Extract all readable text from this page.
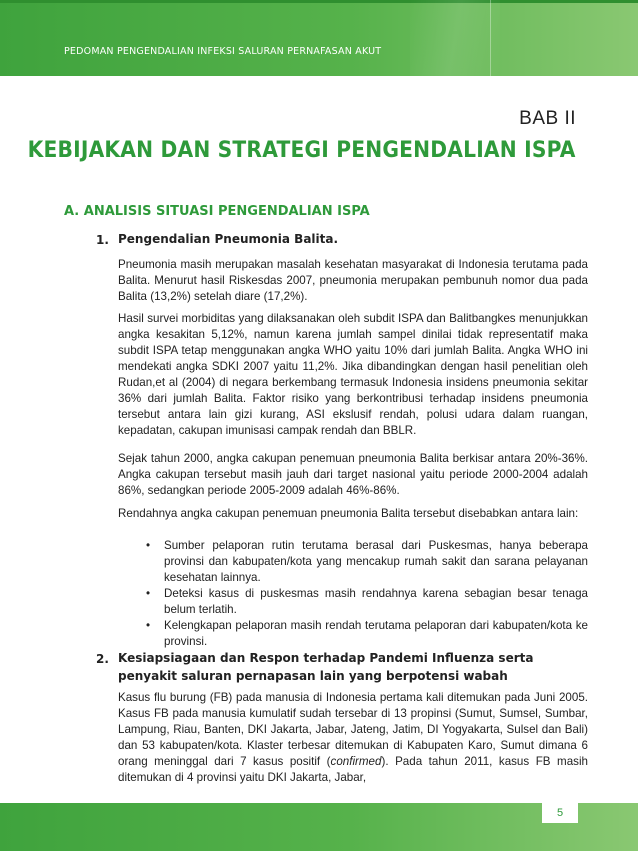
PEDOMAN PENGENDALIAN INFEKSI SALURAN PERNAFASAN AKUT
BAB II
KEBIJAKAN DAN STRATEGI PENGENDALIAN ISPA
A. ANALISIS SITUASI PENGENDALIAN ISPA
1. Pengendalian Pneumonia Balita.

Pneumonia masih merupakan masalah kesehatan masyarakat di Indonesia terutama pada Balita. Menurut hasil Riskesdas 2007, pneumonia merupakan pembunuh nomor dua pada Balita (13,2%) setelah diare (17,2%).

Hasil survei morbiditas yang dilaksanakan oleh subdit ISPA dan Balitbangkes menunjukkan angka kesakitan 5,12%, namun karena jumlah sampel dinilai tidak representatif maka subdit ISPA tetap menggunakan angka WHO yaitu 10% dari jumlah Balita. Angka WHO ini mendekati angka SDKI 2007 yaitu 11,2%. Jika dibandingkan dengan hasil penelitian oleh Rudan,et al (2004) di negara berkembang termasuk Indonesia insidens pneumonia sekitar 36% dari jumlah Balita. Faktor risiko yang berkontribusi terhadap insidens pneumonia tersebut antara lain gizi kurang, ASI ekslusif rendah, polusi udara dalam ruangan, kepadatan, cakupan imunisasi campak rendah dan BBLR.

Sejak tahun 2000, angka cakupan penemuan pneumonia Balita berkisar antara 20%-36%. Angka cakupan tersebut masih jauh dari target nasional yaitu periode 2000-2004 adalah 86%, sedangkan periode 2005-2009 adalah 46%-86%.

Rendahnya angka cakupan penemuan pneumonia Balita tersebut disebabkan antara lain:

•	Sumber pelaporan rutin terutama berasal dari Puskesmas, hanya beberapa provinsi dan kabupaten/kota yang mencakup rumah sakit dan sarana pelayanan kesehatan lainnya.
•	Deteksi kasus di puskesmas masih rendahnya karena sebagian besar tenaga belum terlatih.
•	Kelengkapan pelaporan masih rendah terutama pelaporan dari kabupaten/kota ke provinsi.
2. Kesiapsiagaan dan Respon terhadap Pandemi Influenza serta penyakit saluran pernapasan lain yang berpotensi wabah

Kasus flu burung (FB) pada manusia di Indonesia pertama kali ditemukan pada Juni 2005. Kasus FB pada manusia kumulatif sudah tersebar di 13 propinsi (Sumut, Sumsel, Sumbar, Lampung, Riau, Banten, DKI Jakarta, Jabar, Jateng, Jatim, DI Yogyakarta, Sulsel dan Bali) dan 53 kabupaten/kota. Klaster terbesar ditemukan di Kabupaten Karo, Sumut dimana 6 orang meninggal dari 7 kasus positif (confirmed). Pada tahun 2011, kasus FB masih ditemukan di 4 provinsi yaitu DKI Jakarta, Jabar,

5
